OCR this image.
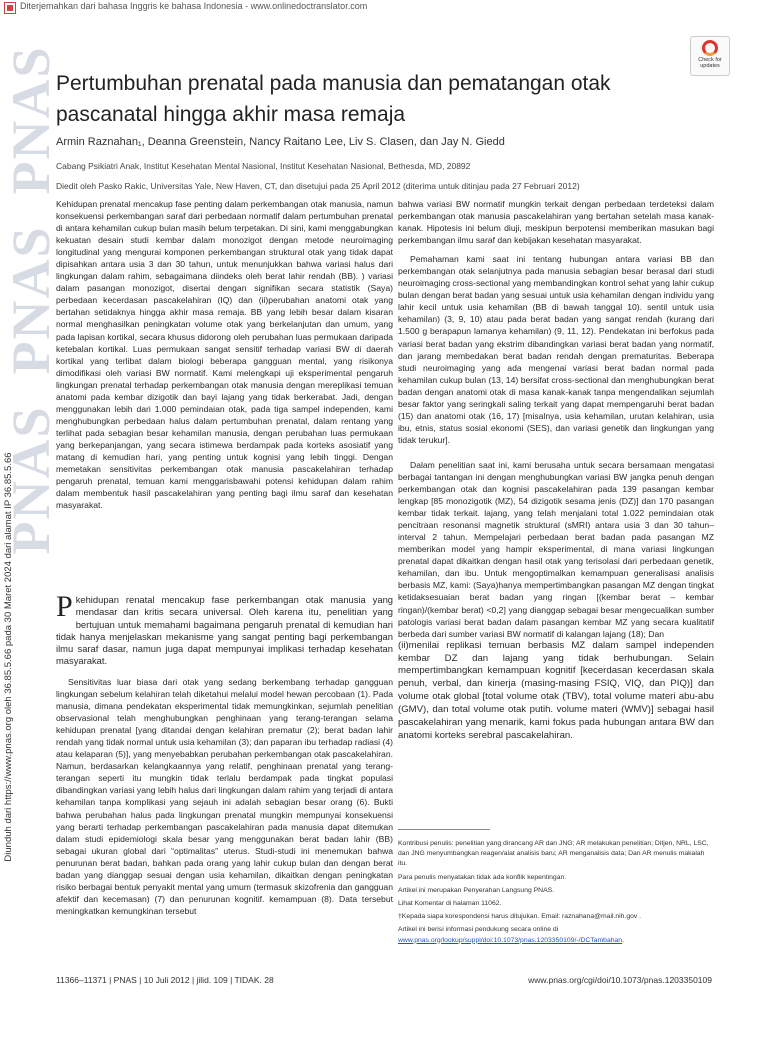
Diterjemahkan dari bahasa Inggris ke bahasa Indonesia - www.onlinedoctranslator.com
PNAS
PNAS
PNAS
Diunduh dari https://www.pnas.org oleh 36.85.5.66 pada 30 Maret 2024 dari alamat IP 36.85.5.66
Check for
updates
Pertumbuhan prenatal pada manusia dan pematangan otak pascanatal hingga akhir masa remaja
Armin Raznahan₁, Deanna Greenstein, Nancy Raitano Lee, Liv S. Clasen, dan Jay N. Giedd
Cabang Psikiatri Anak, Institut Kesehatan Mental Nasional, Institut Kesehatan Nasional, Bethesda, MD, 20892
Diedit oleh Pasko Rakic, Universitas Yale, New Haven, CT, dan disetujui pada 25 April 2012 (diterima untuk ditinjau pada 27 Februari 2012)

Kehidupan prenatal mencakup fase penting dalam perkembangan otak manusia, namun konsekuensi perkembangan saraf dari perbedaan normatif dalam pertumbuhan prenatal di antara kehamilan cukup bulan masih belum terpetakan. Di sini, kami menggabungkan kekuatan desain studi kembar dalam monozigot dengan metode neuroimaging longitudinal yang mengurai komponen perkembangan struktural otak yang tidak dapat dipisahkan antara usia 3 dan 30 tahun, untuk menunjukkan bahwa variasi halus dari lingkungan dalam rahim, sebagaimana diindeks oleh berat lahir rendah (BB). ) variasi dalam pasangan monozigot, disertai dengan signifikan secara statistik (Saya) perbedaan kecerdasan pascakelahiran (IQ) dan (ii)perubahan anatomi otak yang bertahan setidaknya hingga akhir masa remaja. BB yang lebih besar dalam kisaran normal menghasilkan peningkatan volume otak yang berkelanjutan dan umum, yang pada lapisan kortikal, secara khusus didorong oleh perubahan luas permukaan daripada ketebalan kortikal. Luas permukaan sangat sensitif terhadap variasi BW di daerah kortikal yang terlibat dalam biologi beberapa gangguan mental, yang risikonya dimodifikasi oleh variasi BW normatif. Kami melengkapi uji eksperimental pengaruh lingkungan prenatal terhadap perkembangan otak manusia dengan mereplikasi temuan anatomi pada kembar dizigotik dan bayi lajang yang tidak berkerabat. Jadi, dengan menggunakan lebih dari 1.000 pemindaian otak, pada tiga sampel independen, kami menghubungkan perbedaan halus dalam pertumbuhan prenatal, dalam rentang yang terlihat pada sebagian besar kehamilan manusia, dengan perubahan luas permukaan yang berkepanjangan, yang secara istimewa berdampak pada korteks asosiatif yang matang di kemudian hari, yang penting untuk kognisi yang lebih tinggi. Dengan memetakan sensitivitas perkembangan otak manusia pascakelahiran terhadap pengaruh prenatal, temuan kami menggarisbawahi potensi kehidupan dalam rahim dalam membentuk hasil pascakelahiran yang penting bagi ilmu saraf dan kesehatan masyarakat.

Pkehidupan renatal mencakup fase perkembangan otak manusia yang mendasar dan kritis secara universal. Oleh karena itu, penelitian yang bertujuan untuk memahami bagaimana pengaruh prenatal di kemudian hari tidak hanya menjelaskan mekanisme yang sangat penting bagi perkembangan ilmu saraf dasar, namun juga dapat mempunyai implikasi terhadap kesehatan masyarakat.

Sensitivitas luar biasa dari otak yang sedang berkembang terhadap gangguan lingkungan sebelum kelahiran telah diketahui melalui model hewan percobaan (1). Pada manusia, dimana pendekatan eksperimental tidak memungkinkan, sejumlah penelitian observasional telah menghubungkan penghinaan yang terang-terangan selama kehidupan prenatal [yang ditandai dengan kelahiran prematur (2); berat badan lahir rendah yang tidak normal untuk usia kehamilan (3); dan paparan ibu terhadap radiasi (4) atau kelaparan (5)], yang menyebabkan perubahan perkembangan otak pascakelahiran. Namun, berdasarkan kelangkaannya yang relatif, penghinaan prenatal yang terang-terangan seperti itu mungkin tidak terlalu berdampak pada tingkat populasi dibandingkan variasi yang lebih halus dari lingkungan dalam rahim yang terjadi di antara kehamilan tanpa komplikasi yang sejauh ini adalah sebagian besar orang (6). Bukti bahwa perubahan halus pada lingkungan prenatal mungkin mempunyai konsekuensi yang berarti terhadap perkembangan pascakelahiran pada manusia dapat ditemukan dalam studi epidemiologi skala besar yang menggunakan berat badan lahir (BB) sebagai ukuran global dari “optimalitas” uterus. Studi-studi ini menemukan bahwa penurunan berat badan, bahkan pada orang yang lahir cukup bulan dan dengan berat badan yang dianggap sesuai dengan usia kehamilan, dikaitkan dengan peningkatan risiko berbagai bentuk penyakit mental yang umum (termasuk skizofrenia dan gangguan afektif dan kecemasan) (7) dan penurunan kognitif. kemampuan (8). Data tersebut meningkatkan kemungkinan tersebut

bahwa variasi BW normatif mungkin terkait dengan perbedaan terdeteksi dalam perkembangan otak manusia pascakelahiran yang bertahan setelah masa kanak-kanak. Hipotesis ini belum diuji, meskipun berpotensi memberikan masukan bagi perkembangan ilmu saraf dan kebijakan kesehatan masyarakat.

Pemahaman kami saat ini tentang hubungan antara variasi BB dan perkembangan otak selanjutnya pada manusia sebagian besar berasal dari studi neuroimaging cross-sectional yang membandingkan kontrol sehat yang lahir cukup bulan dengan berat badan yang sesuai untuk usia kehamilan dengan individu yang lahir kecil untuk usia kehamilan (BB di bawah tanggal 10). sentil untuk usia kehamilan) (3, 9, 10) atau pada berat badan yang sangat rendah (kurang dari 1.500 g berapapun lamanya kehamilan) (9, 11, 12). Pendekatan ini berfokus pada variasi berat badan yang ekstrim dibandingkan variasi berat badan yang normatif, dan jarang membedakan berat badan rendah dengan prematuritas. Beberapa studi neuroimaging yang ada mengenai variasi berat badan normal pada kehamilan cukup bulan (13, 14) bersifat cross-sectional dan menghubungkan berat badan dengan anatomi otak di masa kanak-kanak tanpa mengendalikan sejumlah besar faktor yang seringkali saling terkait yang dapat mempengaruhi berat badan (15) dan anatomi otak (16, 17) [misalnya, usia kehamilan, urutan kelahiran, usia ibu, etnis, status sosial ekonomi (SES), dan variasi genetik dan lingkungan yang tidak terukur].

Dalam penelitian saat ini, kami berusaha untuk secara bersamaan mengatasi berbagai tantangan ini dengan menghubungkan variasi BW jangka penuh dengan perkembangan otak dan kognisi pascakelahiran pada 139 pasangan kembar lengkap [85 monozigotik (MZ), 54 dizigotik sesama jenis (DZ)] dan 170 pasangan kembar tidak terkait. lajang, yang telah menjalani total 1.022 pemindaian otak pencitraan resonansi magnetik struktural (sMRI) antara usia 3 dan 30 tahun–interval 2 tahun. Mempelajari perbedaan berat badan pada pasangan MZ memberikan model yang hampir eksperimental, di mana variasi lingkungan prenatal dapat dikaitkan dengan hasil otak yang terisolasi dari perbedaan genetik, kehamilan, dan ibu. Untuk mengoptimalkan kemampuan generalisasi analisis berbasis MZ, kami: (Saya)hanya mempertimbangkan pasangan MZ dengan tingkat ketidaksesuaian berat badan yang ringan [(kembar berat – kembar ringan)/(kembar berat) <0,2] yang dianggap sebagai besar mengecualikan sumber patologis variasi berat badan dalam pasangan kembar MZ yang secara kualitatif berbeda dari sumber variasi BW normatif di kalangan lajang (18); Dan

(ii)menilai replikasi temuan berbasis MZ dalam sampel independen kembar DZ dan lajang yang tidak berhubungan. Selain mempertimbangkan kemampuan kognitif [kecerdasan kecerdasan skala penuh, verbal, dan kinerja (masing-masing FSIQ, VIQ, dan PIQ)] dan volume otak global [total volume otak (TBV), total volume materi abu-abu (GMV), dan total volume otak putih. volume materi (WMV)] sebagai hasil pascakelahiran yang menarik, kami fokus pada hubungan antara BW dan anatomi korteks serebral pascakelahiran.

Kontribusi penulis: penelitian yang dirancang AR dan JNG; AR melakukan penelitian; Ditjen, NRL, LSC, dan JNG menyumbangkan reagen/alat analisis baru; AR menganalisis data; Dan AR menulis makalah itu.

Para penulis menyatakan tidak ada konflik kepentingan.

Artikel ini merupakan Penyerahan Langsung PNAS.

Lihat Komentar di halaman 11062.

†Kepada siapa korespondensi harus ditujukan. Email: raznahana@mail.nih.gov .

Artikel ini berisi informasi pendukung secara online di www.pnas.org/lookup/suppl/doi:10.1073/pnas.1203350109/-/DCTambahan.

11366–11371 | PNAS | 10 Juli 2012 | jilid. 109 | TIDAK. 28	www.pnas.org/cgi/doi/10.1073/pnas.1203350109
